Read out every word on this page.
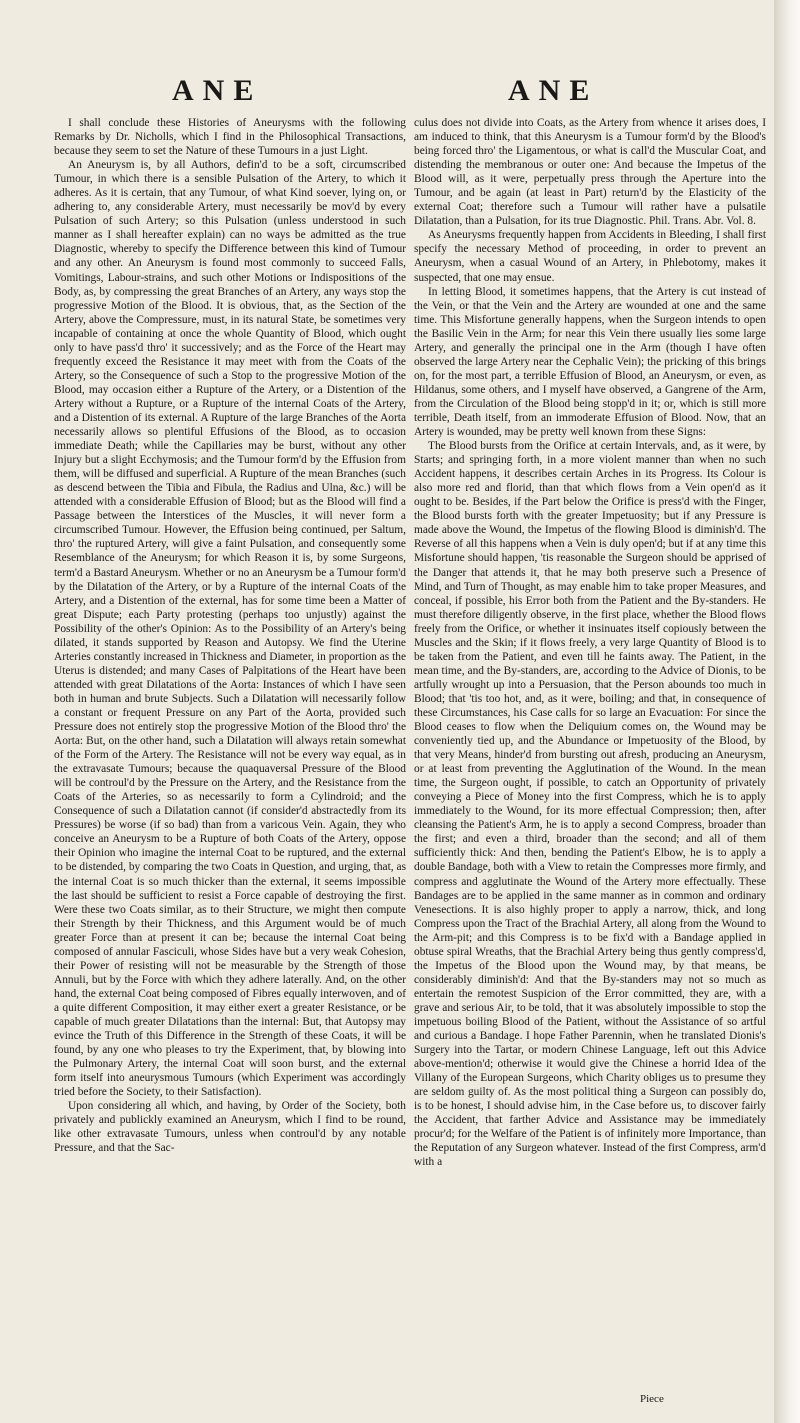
ANE	ANE

I shall conclude these Histories of Aneurysms with the following Remarks by Dr. Nicholls, which I find in the Philosophical Transactions, because they seem to set the Nature of these Tumours in a just Light.

An Aneurysm is, by all Authors, defin'd to be a soft, circumscribed Tumour, in which there is a sensible Pulsation of the Artery, to which it adheres. As it is certain, that any Tumour, of what Kind soever, lying on, or adhering to, any considerable Artery, must necessarily be mov'd by every Pulsation of such Artery; so this Pulsation (unless understood in such manner as I shall hereafter explain) can no ways be admitted as the true Diagnostic, whereby to specify the Difference between this kind of Tumour and any other. An Aneurysm is found most commonly to succeed Falls, Vomitings, Labour-strains, and such other Motions or Indispositions of the Body, as, by compressing the great Branches of an Artery, any ways stop the progressive Motion of the Blood. It is obvious, that, as the Section of the Artery, above the Compressure, must, in its natural State, be sometimes very incapable of containing at once the whole Quantity of Blood, which ought only to have pass'd thro' it successively; and as the Force of the Heart may frequently exceed the Resistance it may meet with from the Coats of the Artery, so the Consequence of such a Stop to the progressive Motion of the Blood, may occasion either a Rupture of the Artery, or a Distention of the Artery without a Rupture, or a Rupture of the internal Coats of the Artery, and a Distention of its external. A Rupture of the large Branches of the Aorta necessarily allows so plentiful Effusions of the Blood, as to occasion immediate Death; while the Capillaries may be burst, without any other Injury but a slight Ecchymosis; and the Tumour form'd by the Effusion from them, will be diffused and superficial. A Rupture of the mean Branches (such as descend between the Tibia and Fibula, the Radius and Ulna, &c.) will be attended with a considerable Effusion of Blood; but as the Blood will find a Passage between the Interstices of the Muscles, it will never form a circumscribed Tumour. However, the Effusion being continued, per Saltum, thro' the ruptured Artery, will give a faint Pulsation, and consequently some Resemblance of the Aneurysm; for which Reason it is, by some Surgeons, term'd a Bastard Aneurysm. Whether or no an Aneurysm be a Tumour form'd by the Dilatation of the Artery, or by a Rupture of the internal Coats of the Artery, and a Distention of the external, has for some time been a Matter of great Dispute; each Party protesting (perhaps too unjustly) against the Possibility of the other's Opinion: As to the Possibility of an Artery's being dilated, it stands supported by Reason and Autopsy. We find the Uterine Arteries constantly increased in Thickness and Diameter, in proportion as the Uterus is distended; and many Cases of Palpitations of the Heart have been attended with great Dilatations of the Aorta: Instances of which I have seen both in human and brute Subjects. Such a Dilatation will necessarily follow a constant or frequent Pressure on any Part of the Aorta, provided such Pressure does not entirely stop the progressive Motion of the Blood thro' the Aorta: But, on the other hand, such a Dilatation will always retain somewhat of the Form of the Artery. The Resistance will not be every way equal, as in the extravasate Tumours; because the quaquaversal Pressure of the Blood will be controul'd by the Pressure on the Artery, and the Resistance from the Coats of the Arteries, so as necessarily to form a Cylindroid; and the Consequence of such a Dilatation cannot (if consider'd abstractedly from its Pressures) be worse (if so bad) than from a varicous Vein. Again, they who conceive an Aneurysm to be a Rupture of both Coats of the Artery, oppose their Opinion who imagine the internal Coat to be ruptured, and the external to be distended, by comparing the two Coats in Question, and urging, that, as the internal Coat is so much thicker than the external, it seems impossible the last should be sufficient to resist a Force capable of destroying the first. Were these two Coats similar, as to their Structure, we might then compute their Strength by their Thickness, and this Argument would be of much greater Force than at present it can be; because the internal Coat being composed of annular Fasciculi, whose Sides have but a very weak Cohesion, their Power of resisting will not be measurable by the Strength of those Annuli, but by the Force with which they adhere laterally. And, on the other hand, the external Coat being composed of Fibres equally interwoven, and of a quite different Composition, it may either exert a greater Resistance, or be capable of much greater Dilatations than the internal: But, that Autopsy may evince the Truth of this Difference in the Strength of these Coats, it will be found, by any one who pleases to try the Experiment, that, by blowing into the Pulmonary Artery, the internal Coat will soon burst, and the external form itself into aneurysmous Tumours (which Experiment was accordingly tried before the Society, to their Satisfaction).

Upon considering all which, and having, by Order of the Society, both privately and publickly examined an Aneurysm, which I find to be round, like other extravasate Tumours, unless when controul'd by any notable Pressure, and that the Sac-

culus does not divide into Coats, as the Artery from whence it arises does, I am induced to think, that this Aneurysm is a Tumour form'd by the Blood's being forced thro' the Ligamentous, or what is call'd the Muscular Coat, and distending the membranous or outer one: And because the Impetus of the Blood will, as it were, perpetually press through the Aperture into the Tumour, and be again (at least in Part) return'd by the Elasticity of the external Coat; therefore such a Tumour will rather have a pulsatile Dilatation, than a Pulsation, for its true Diagnostic. Phil. Trans. Abr. Vol. 8.

As Aneurysms frequently happen from Accidents in Bleeding, I shall first specify the necessary Method of proceeding, in order to prevent an Aneurysm, when a casual Wound of an Artery, in Phlebotomy, makes it suspected, that one may ensue.

In letting Blood, it sometimes happens, that the Artery is cut instead of the Vein, or that the Vein and the Artery are wounded at one and the same time. This Misfortune generally happens, when the Surgeon intends to open the Basilic Vein in the Arm; for near this Vein there usually lies some large Artery, and generally the principal one in the Arm (though I have often observed the large Artery near the Cephalic Vein); the pricking of this brings on, for the most part, a terrible Effusion of Blood, an Aneurysm, or even, as Hildanus, some others, and I myself have observed, a Gangrene of the Arm, from the Circulation of the Blood being stopp'd in it; or, which is still more terrible, Death itself, from an immoderate Effusion of Blood. Now, that an Artery is wounded, may be pretty well known from these Signs:

The Blood bursts from the Orifice at certain Intervals, and, as it were, by Starts; and springing forth, in a more violent manner than when no such Accident happens, it describes certain Arches in its Progress. Its Colour is also more red and florid, than that which flows from a Vein open'd as it ought to be. Besides, if the Part below the Orifice is press'd with the Finger, the Blood bursts forth with the greater Impetuosity; but if any Pressure is made above the Wound, the Impetus of the flowing Blood is diminish'd. The Reverse of all this happens when a Vein is duly open'd; but if at any time this Misfortune should happen, 'tis reasonable the Surgeon should be apprised of the Danger that attends it, that he may both preserve such a Presence of Mind, and Turn of Thought, as may enable him to take proper Measures, and conceal, if possible, his Error both from the Patient and the By-standers. He must therefore diligently observe, in the first place, whether the Blood flows freely from the Orifice, or whether it insinuates itself copiously between the Muscles and the Skin; if it flows freely, a very large Quantity of Blood is to be taken from the Patient, and even till he faints away. The Patient, in the mean time, and the By-standers, are, according to the Advice of Dionis, to be artfully wrought up into a Persuasion, that the Person abounds too much in Blood; that 'tis too hot, and, as it were, boiling; and that, in consequence of these Circumstances, his Case calls for so large an Evacuation: For since the Blood ceases to flow when the Deliquium comes on, the Wound may be conveniently tied up, and the Abundance or Impetuosity of the Blood, by that very Means, hinder'd from bursting out afresh, producing an Aneurysm, or at least from preventing the Agglutination of the Wound. In the mean time, the Surgeon ought, if possible, to catch an Opportunity of privately conveying a Piece of Money into the first Compress, which he is to apply immediately to the Wound, for its more effectual Compression; then, after cleansing the Patient's Arm, he is to apply a second Compress, broader than the first; and even a third, broader than the second; and all of them sufficiently thick: And then, bending the Patient's Elbow, he is to apply a double Bandage, both with a View to retain the Compresses more firmly, and compress and agglutinate the Wound of the Artery more effectually. These Bandages are to be applied in the same manner as in common and ordinary Venesections. It is also highly proper to apply a narrow, thick, and long Compress upon the Tract of the Brachial Artery, all along from the Wound to the Arm-pit; and this Compress is to be fix'd with a Bandage applied in obtuse spiral Wreaths, that the Brachial Artery being thus gently compress'd, the Impetus of the Blood upon the Wound may, by that means, be considerably diminish'd: And that the By-standers may not so much as entertain the remotest Suspicion of the Error committed, they are, with a grave and serious Air, to be told, that it was absolutely impossible to stop the impetuous boiling Blood of the Patient, without the Assistance of so artful and curious a Bandage. I hope Father Parennin, when he translated Dionis's Surgery into the Tartar, or modern Chinese Language, left out this Advice above-mention'd; otherwise it would give the Chinese a horrid Idea of the Villany of the European Surgeons, which Charity obliges us to presume they are seldom guilty of. As the most political thing a Surgeon can possibly do, is to be honest, I should advise him, in the Case before us, to discover fairly the Accident, that farther Advice and Assistance may be immediately procur'd; for the Welfare of the Patient is of infinitely more Importance, than the Reputation of any Surgeon whatever. Instead of the first Compress, arm'd with a

Piece
